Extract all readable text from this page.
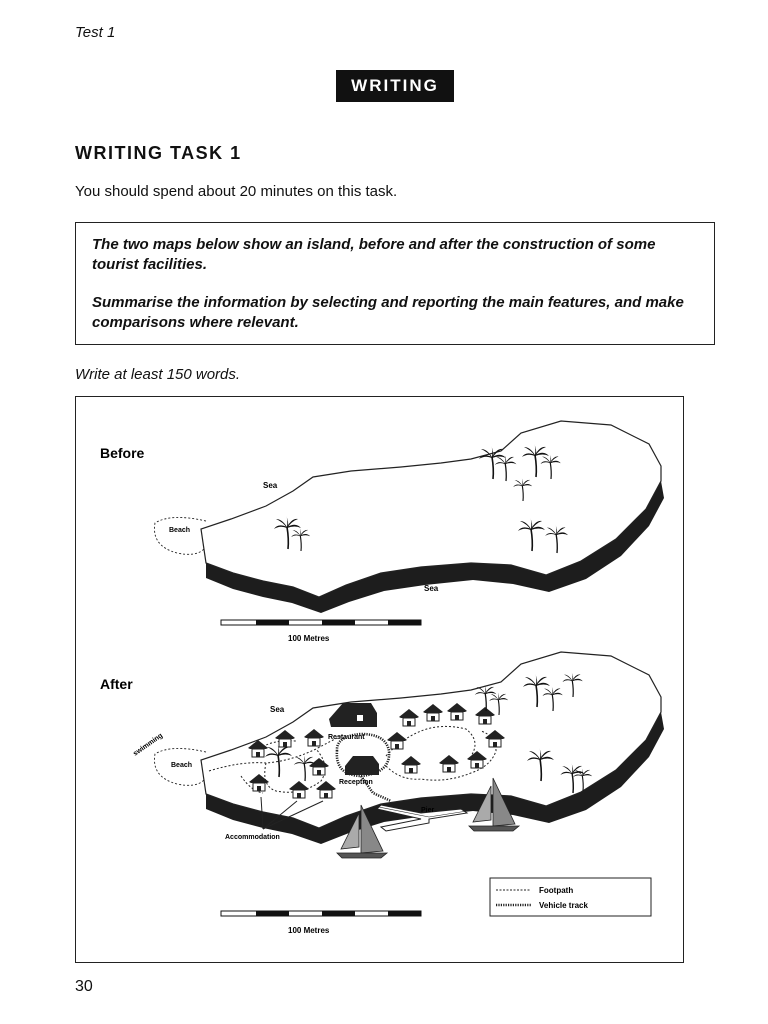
Test 1
WRITING
WRITING TASK 1
You should spend about 20 minutes on this task.

The two maps below show an island, before and after the construction of some tourist facilities.

Summarise the information by selecting and reporting the main features, and make comparisons where relevant.

Write at least 150 words.
Before
Sea
Sea
Beach
100 Metres
After
Sea
swimming
Beach
Pier
Restaurant
Reception
Accommodation
Footpath
Vehicle track
100 Metres
30
